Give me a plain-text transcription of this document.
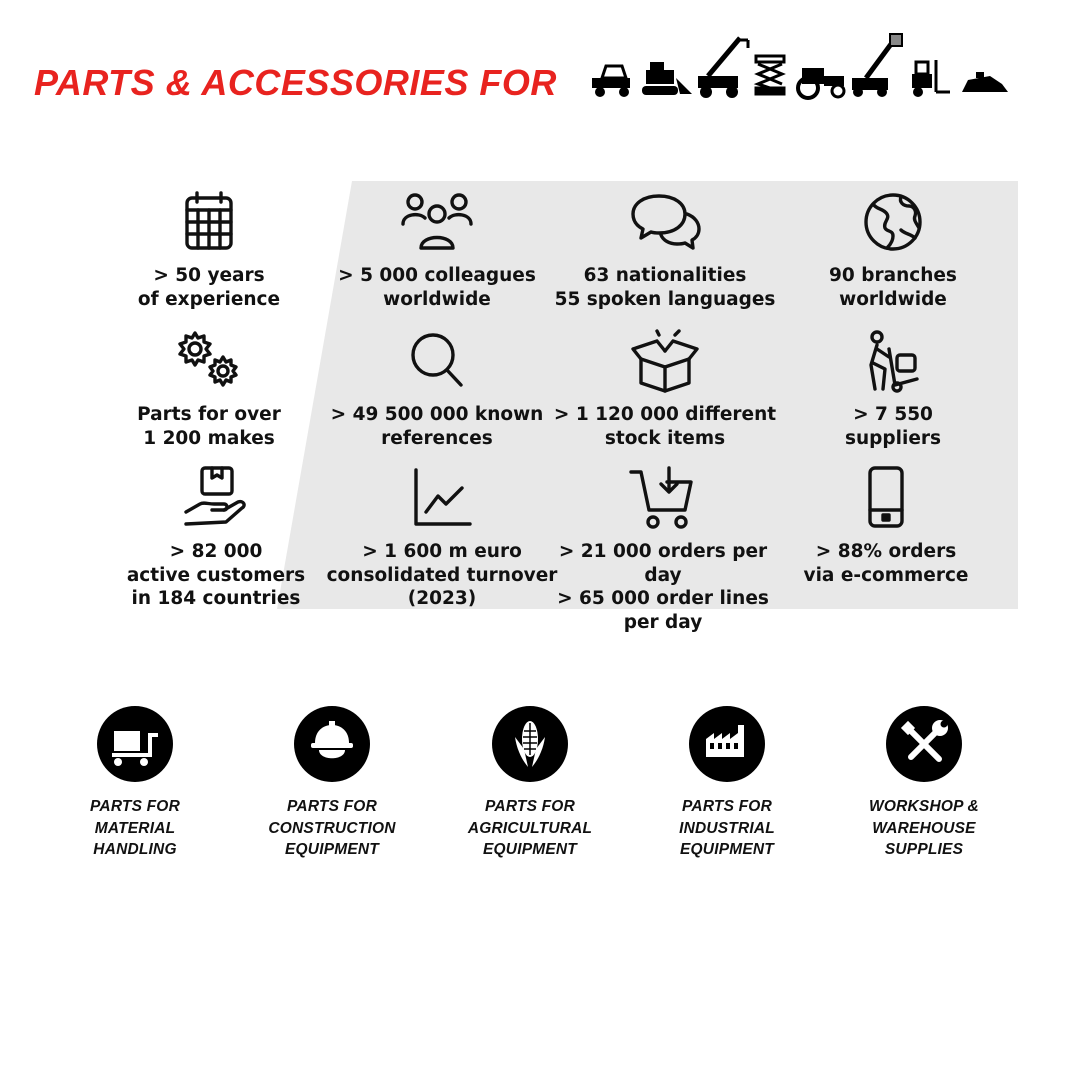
PARTS & ACCESSORIES FOR
> 50 years
of experience
> 5 000 colleagues
worldwide
63 nationalities
55 spoken languages
90 branches
worldwide
Parts for over
1 200 makes
> 49 500 000 known
references
> 1 120 000 different
stock items
> 7 550
suppliers
> 82 000
active customers
in 184 countries
> 1 600 m euro
consolidated turnover
(2023)
> 21 000 orders per day
> 65 000 order lines
per day
> 88% orders
via e-commerce
PARTS FOR
MATERIAL
HANDLING
PARTS FOR
CONSTRUCTION
EQUIPMENT
PARTS FOR
AGRICULTURAL
EQUIPMENT
PARTS FOR
INDUSTRIAL
EQUIPMENT
WORKSHOP &
WAREHOUSE
SUPPLIES
